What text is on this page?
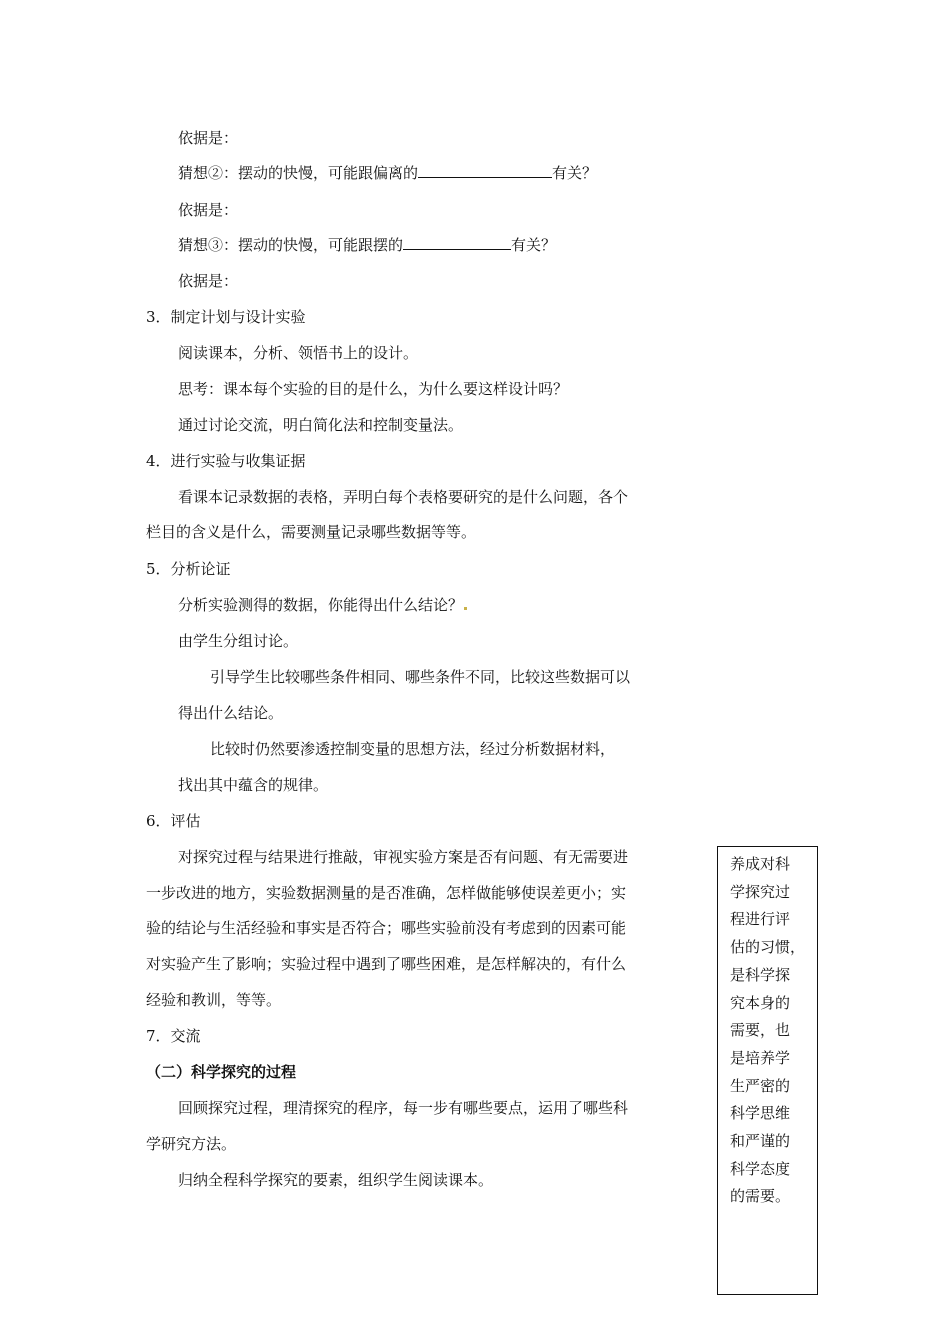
依据是：
猜想②：摆动的快慢，可能跟偏离的	有关？
依据是：
猜想③：摆动的快慢，可能跟摆的	有关？
依据是：
3．制定计划与设计实验
阅读课本，分析、领悟书上的设计。
思考：课本每个实验的目的是什么，为什么要这样设计吗？
通过讨论交流，明白简化法和控制变量法。
4．进行实验与收集证据
看课本记录数据的表格，弄明白每个表格要研究的是什么问题，各个
栏目的含义是什么，需要测量记录哪些数据等等。
5．分析论证
分析实验测得的数据，你能得出什么结论？
由学生分组讨论。
引导学生比较哪些条件相同、哪些条件不同，比较这些数据可以
得出什么结论。
比较时仍然要渗透控制变量的思想方法，经过分析数据材料，
找出其中蕴含的规律。
6．评估
对探究过程与结果进行推敲，审视实验方案是否有问题、有无需要进
一步改进的地方，实验数据测量的是否准确，怎样做能够使误差更小；实
验的结论与生活经验和事实是否符合；哪些实验前没有考虑到的因素可能
对实验产生了影响；实验过程中遇到了哪些困难，是怎样解决的，有什么
经验和教训，等等。
7．交流
（二）科学探究的过程
回顾探究过程，理清探究的程序，每一步有哪些要点，运用了哪些科
学研究方法。
归纳全程科学探究的要素，组织学生阅读课本。
养成对科
学探究过
程进行评
估的习惯，
是科学探
究本身的
需要，也
是培养学
生严密的
科学思维
和严谨的
科学态度
的需要。
